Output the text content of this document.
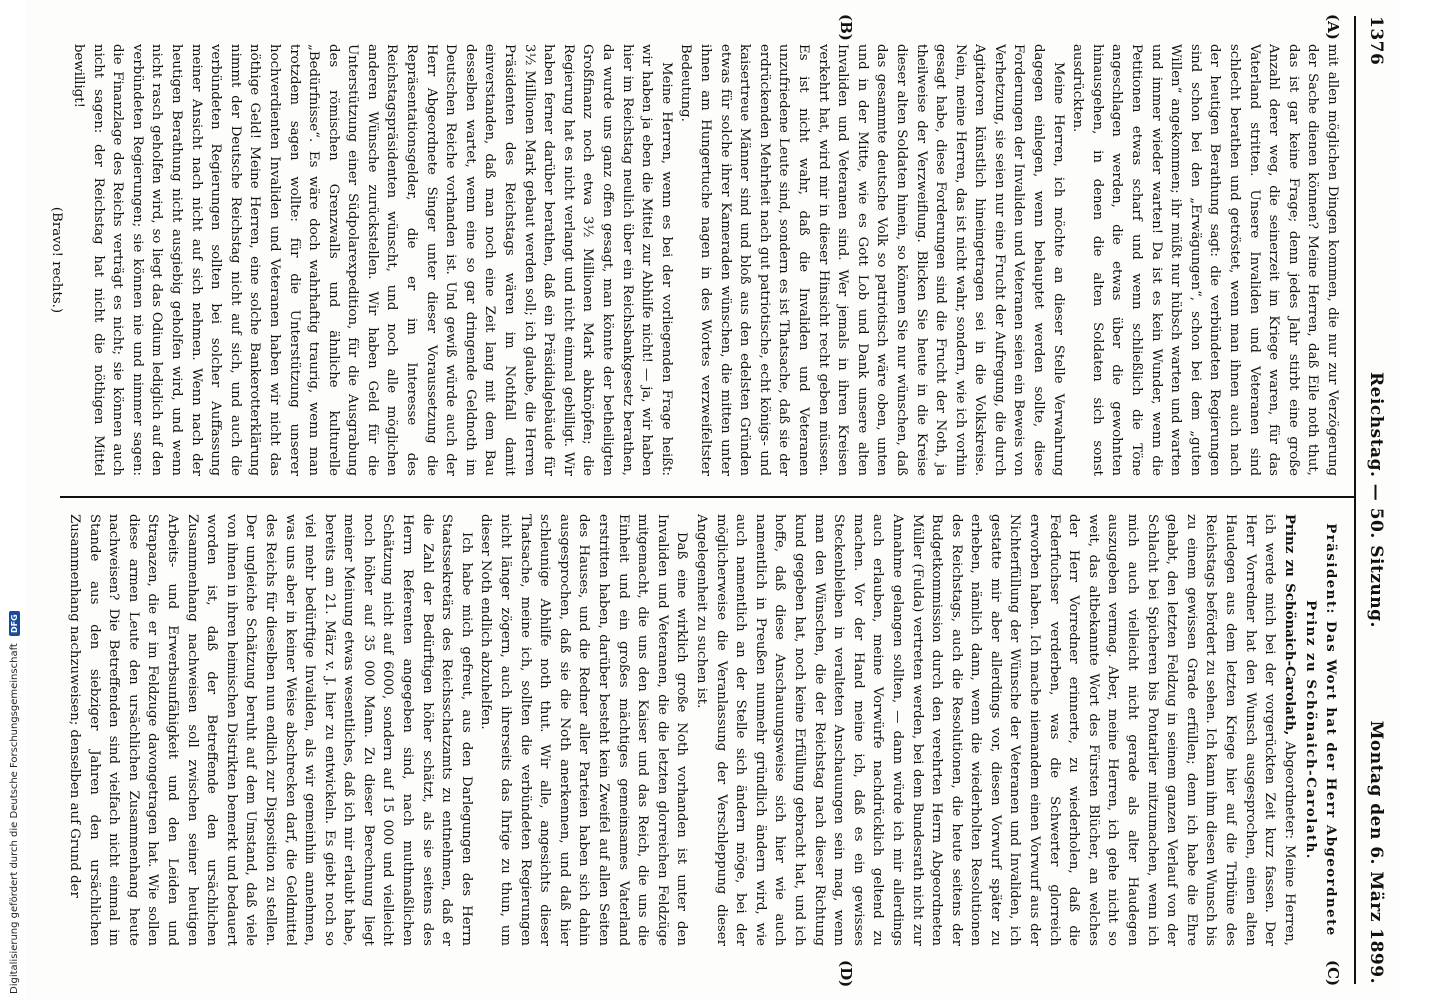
1376
Reichstag. — 50. Sitzung.
Montag den 6. März 1899.
(A)
(B)
(C)
(D)

mit allen möglichen Dingen kommen, die nur zur Verzögerung der Sache dienen können? Meine Herren, daß Eile noth thut, das ist gar keine Frage; denn jedes Jahr stirbt eine große Anzahl derer weg, die seinerzeit im Kriege waren, für das Vaterland stritten. Unsere Invaliden und Veteranen sind schlecht berathen und getröstet, wenn man ihnen auch nach der heutigen Berathung sagt: die verbündeten Regierungen sind schon bei den „Erwägungen“, schon bei dem „guten Willen“ angekommen; ihr müßt nur hübsch warten und warten und immer wieder warten! Da ist es kein Wunder, wenn die Petitionen etwas scharf und wenn schließlich die Töne angeschlagen werden, die etwas über die gewohnten hinausgehen, in denen die alten Soldaten sich sonst ausdrückten.

Meine Herren, ich möchte an dieser Stelle Verwahrung dagegen einlegen, wenn behauptet werden sollte, diese Forderungen der Invaliden und Veteranen seien ein Beweis von Verhetzung, sie seien nur eine Frucht der Aufregung, die durch Agitatoren künstlich hineingetragen sei in die Volkskreise. Nein, meine Herren, das ist nicht wahr, sondern, wie ich vorhin gesagt habe, diese Forderungen sind die Frucht der Noth, ja theilweise der Verzweiflung. Blicken Sie heute in die Kreise dieser alten Soldaten hinein, so können Sie nur wünschen, daß das gesammte deutsche Volk so patriotisch wäre oben, unten und in der Mitte, wie es Gott Lob und Dank unsere alten Invaliden und Veteranen sind. Wer jemals in ihren Kreisen verkehrt hat, wird mir in dieser Hinsicht recht geben müssen. Es ist nicht wahr, daß die Invaliden und Veteranen unzufriedene Leute sind, sondern es ist Thatsache, daß sie der erdrückenden Mehrheit nach gut patriotische, echt königs- und kaisertreue Männer sind und bloß aus den edelsten Gründen etwas für solche ihrer Kameraden wünschen, die mitten unter ihnen am Hungertuche nagen in des Wortes verzweifeltster Bedeutung.

Meine Herren, wenn es bei der vorliegenden Frage heißt: wir haben ja eben die Mittel zur Abhilfe nicht! — ja, wir haben hier im Reichstag neulich über ein Reichsbankgesetz berathen, da wurde uns ganz offen gesagt, man könnte der betheiligten Großfinanz noch etwa 3½ Millionen Mark abknöpfen; die Regierung hat es nicht verlangt und nicht einmal gebilligt. Wir haben ferner darüber berathen, daß ein Präsidialgebäude für 3½ Millionen Mark gebaut werden soll; ich glaube, die Herren Präsidenten des Reichstags wären im Nothfall damit einverstanden, daß man noch eine Zeit lang mit dem Bau desselben wartet, wenn eine so gar dringende Geldnoth im Deutschen Reiche vorhanden ist. Und gewiß würde auch der Herr Abgeordnete Singer unter dieser Voraussetzung die Repräsentationsgelder, die er im Interesse des Reichstagspräsidenten wünscht, und noch alle möglichen anderen Wünsche zurückstellen. Wir haben Geld für die Unterstützung einer Südpolarexpedition, für die Ausgrabung des römischen Grenzwalls und ähnliche kulturelle „Bedürfnisse“. Es wäre doch wahrhaftig traurig, wenn man trotzdem sagen wollte: für die Unterstützung unserer hochverdienten Invaliden und Veteranen haben wir nicht das nöthige Geld! Meine Herren, eine solche Bankerotterklärung nimmt der Deutsche Reichstag nicht auf sich, und auch die verbündeten Regierungen sollten bei solcher Auffassung meiner Ansicht nach nicht auf sich nehmen. Wenn nach der heutigen Berathung nicht ausgiebig geholfen wird, und wenn nicht rasch geholfen wird, so liegt das Odium lediglich auf den verbündeten Regierungen; sie können nie und nimmer sagen: die Finanzlage des Reichs verträgt es nicht; sie können auch nicht sagen: der Reichstag hat nicht die nöthigen Mittel bewilligt!

(Bravo! rechts.)

Präsident: Das Wort hat der Herr Abgeordnete Prinz zu Schönaich-Carolath.

Prinz zu Schönaich-Carolath, Abgeordneter: Meine Herren, ich werde mich bei der vorgerückten Zeit kurz fassen. Der Herr Vorredner hat den Wunsch ausgesprochen, einen alten Haudegen aus dem letzten Kriege hier auf die Tribüne des Reichstags befördert zu sehen. Ich kann ihm diesen Wunsch bis zu einem gewissen Grade erfüllen; denn ich habe die Ehre gehabt, den letzten Feldzug in seinem ganzen Verlauf von der Schlacht bei Spicheren bis Pontarlier mitzumachen, wenn ich mich auch vielleicht nicht gerade als alter Haudegen auszugeben vermag. Aber, meine Herren, ich gehe nicht so weit, das altbekannte Wort des Fürsten Blücher, an welches der Herr Vorredner erinnerte, zu wiederholen, daß die Federfuchser verderben, was die Schwerter glorreich erworben haben. Ich mache niemandem einen Vorwurf aus der Nichterfüllung der Wünsche der Veteranen und Invaliden, ich gestatte mir aber allerdings vor, diesen Vorwurf später zu erheben, nämlich dann, wenn die wiederholten Resolutionen des Reichstags, auch die Resolutionen, die heute seitens der Budgetkommission durch den verehrten Herrn Abgeordneten Müller (Fulda) vertreten werden, bei dem Bundesrath nicht zur Annahme gelangen sollten, — dann würde ich mir allerdings auch erlauben, meine Vorwürfe nachdrücklich geltend zu machen. Vor der Hand meine ich, daß es ein gewisses Steckenbleiben in veralteten Anschauungen sein mag, wenn man den Wünschen, die der Reichstag nach dieser Richtung kund gegeben hat, noch keine Erfüllung gebracht hat, und ich hoffe, daß diese Anschauungsweise sich hier wie auch namentlich in Preußen nunmehr gründlich ändern wird, wie auch namentlich an der Stelle sich ändern möge, bei der möglicherweise die Veranlassung der Verschleppung dieser Angelegenheit zu suchen ist.

Daß eine wirklich große Noth vorhanden ist unter den Invaliden und Veteranen, die die letzten glorreichen Feldzüge mitgemacht, die uns den Kaiser und das Reich, die uns die Einheit und ein großes mächtiges gemeinsames Vaterland erstritten haben, darüber besteht kein Zweifel auf allen Seiten des Hauses, und die Redner aller Parteien haben sich dahin ausgesprochen, daß sie die Noth anerkennen, und daß hier schleunige Abhilfe noth thut. Wir alle, angesichts dieser Thatsache, meine ich, sollten die verbündeten Regierungen nicht länger zögern, auch ihrerseits das Ihrige zu thun, um dieser Noth endlich abzuhelfen.

Ich habe mich gefreut, aus den Darlegungen des Herrn Staatssekretärs des Reichsschatzamts zu entnehmen, daß er die Zahl der Bedürftigen höher schätzt, als sie seitens des Herrn Referenten angegeben sind, nach muthmaßlichen Schätzung nicht auf 6000, sondern auf 15 000 und vielleicht noch höher auf 35 000 Mann. Zu dieser Berechnung liegt meiner Meinung etwas wesentliches, daß ich mir erlaubt habe, bereits am 21. März v. J. hier zu entwickeln. Es giebt noch so viel mehr bedürftige Invaliden, als wir gemeinhin annehmen, was uns aber in keiner Weise abschrecken darf, die Geldmittel des Reichs für dieselben nun endlich zur Disposition zu stellen. Der ungleiche Schätzung beruht auf dem Umstand, daß viele von ihnen in ihren heimischen Distrikten bemerkt und bedauert worden ist, daß der Betreffende den ursächlichen Zusammenhang nachweisen soll zwischen seiner heutigen Arbeits- und Erwerbsunfähigkeit und den Leiden und Strapazen, die er im Feldzuge davongetragen hat. Wie sollen diese armen Leute den ursächlichen Zusammenhang heute nachweisen? Die Betreffenden sind vielfach nicht einmal im Stande aus den siebziger Jahren den ursächlichen Zusammenhang nachzuweisen; denselben auf Grund der

Digitalisierung gefördert durch die Deutsche Forschungsgemeinschaft DFG
